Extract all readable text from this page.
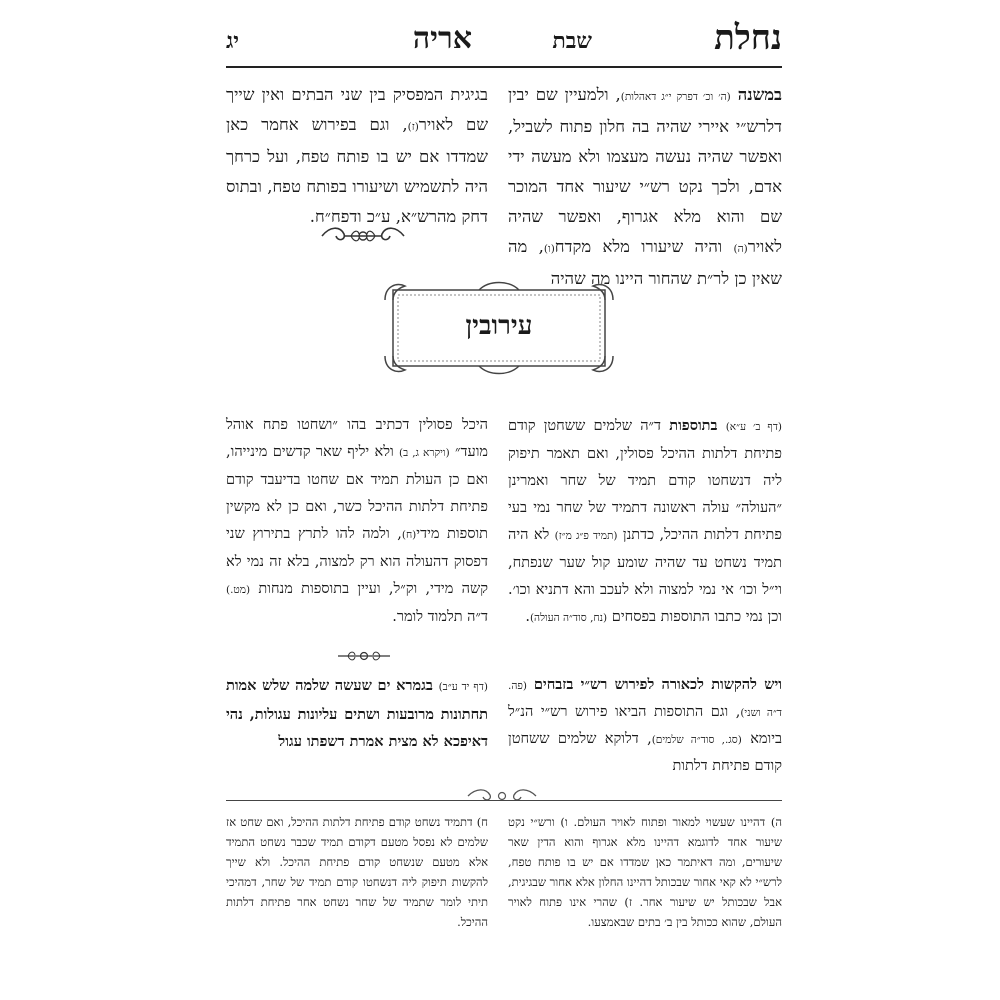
נחלת
שבת
אריה
יג

במשנה (ה׳ וכ׳ דפרק י״ג דאהלות), ולמעיין שם יבין דלרש״י איירי שהיה בה חלון פתוח לשביל, ואפשר שהיה נעשה מעצמו ולא מעשה ידי אדם, ולכך נקט רש״י שיעור אחד המוכר שם והוא מלא אגרוף, ואפשר שהיה לאויר(ה) והיה שיעורו מלא מקדח(ו), מה שאין כן לר״ת שהחור היינו מה שהיה

בגיגית המפסיק בין שני הבתים ואין שייך שם לאויר(ז), וגם בפירוש אחמר כאן שמדדו אם יש בו פותח טפח, ועל כרחך היה לתשמיש ושיעורו בפותח טפח, ובתוס דחק מהרש״א, ע״כ ודפח״ח.

עירובין

(דף ב׳ ע״א) בתוספות ד״ה שלמים ששחטן קודם פתיחת דלתות ההיכל פסולין, ואם תאמר תיפוק ליה דנשחטו קודם תמיד של שחר ואמרינן ״העולה״ עולה ראשונה דתמיד של שחר נמי בעי פתיחת דלתות ההיכל, כדתנן (תמיד פ״ג מ״ז) לא היה תמיד נשחט עד שהיה שומע קול שער שנפתח, וי״ל וכו׳ אי נמי למצוה ולא לעכב והא דתניא וכו׳. וכן נמי כתבו התוספות בפסחים (נח, סוד״ה העולה).

היכל פסולין דכתיב בהו ״ושחטו פתח אוהל מועד״ (ויקרא ג, ב) ולא יליף שאר קדשים מינייהו, ואם כן העולת תמיד אם שחטו בדיעבד קודם פתיחת דלתות ההיכל כשר, ואם כן לא מקשין תוספות מידי(ח), ולמה להו לתרץ בתירוץ שני דפסוק דהעולה הוא רק למצוה, בלא זה נמי לא קשה מידי, וק״ל, ועיין בתוספות מנחות (מט.) ד״ה תלמוד לומר.

ויש להקשות לכאורה לפירוש רש״י בזבחים (פה. ד״ה ושני), וגם התוספות הביאו פירוש רש״י הנ״ל ביומא (סג., סוד״ה שלמים), דלוקא שלמים ששחטן קודם פתיחת דלתות

(דף יד ע״ב) בגמרא ים שעשה שלמה שלש אמות תחתונות מרובעות ושתים עליונות עגולות, נהי דאיפכא לא מצית אמרת דשפתו עגול

ה) דהיינו שעשוי למאור ופתוח לאויר העולם. ו) ורש״י נקט שיעור אחד לדוגמא דהיינו מלא אגרוף והוא הדין שאר שיעורים, ומה דאיתמר כאן שמדדו אם יש בו פותח טפח, לרש״י לא קאי אחור שבכותל דהיינו החלון אלא אחור שבגיגית, אבל שבכותל יש שיעור אחר. ז) שהרי אינו פתוח לאויר העולם, שהוא ככותל בין ב׳ בתים שבאמצעו.

ח) דתמיד נשחט קודם פתיחת דלתות ההיכל, ואם שחט אז שלמים לא נפסל מטעם דקודם תמיד שכבר נשחט התמיד אלא מטעם שנשחט קודם פתיחת ההיכל. ולא שייך להקשות תיפוק ליה דנשחטו קודם תמיד של שחר, דמהיכי תיתי לומר שתמיד של שחר נשחט אחר פתיחת דלתות ההיכל.
